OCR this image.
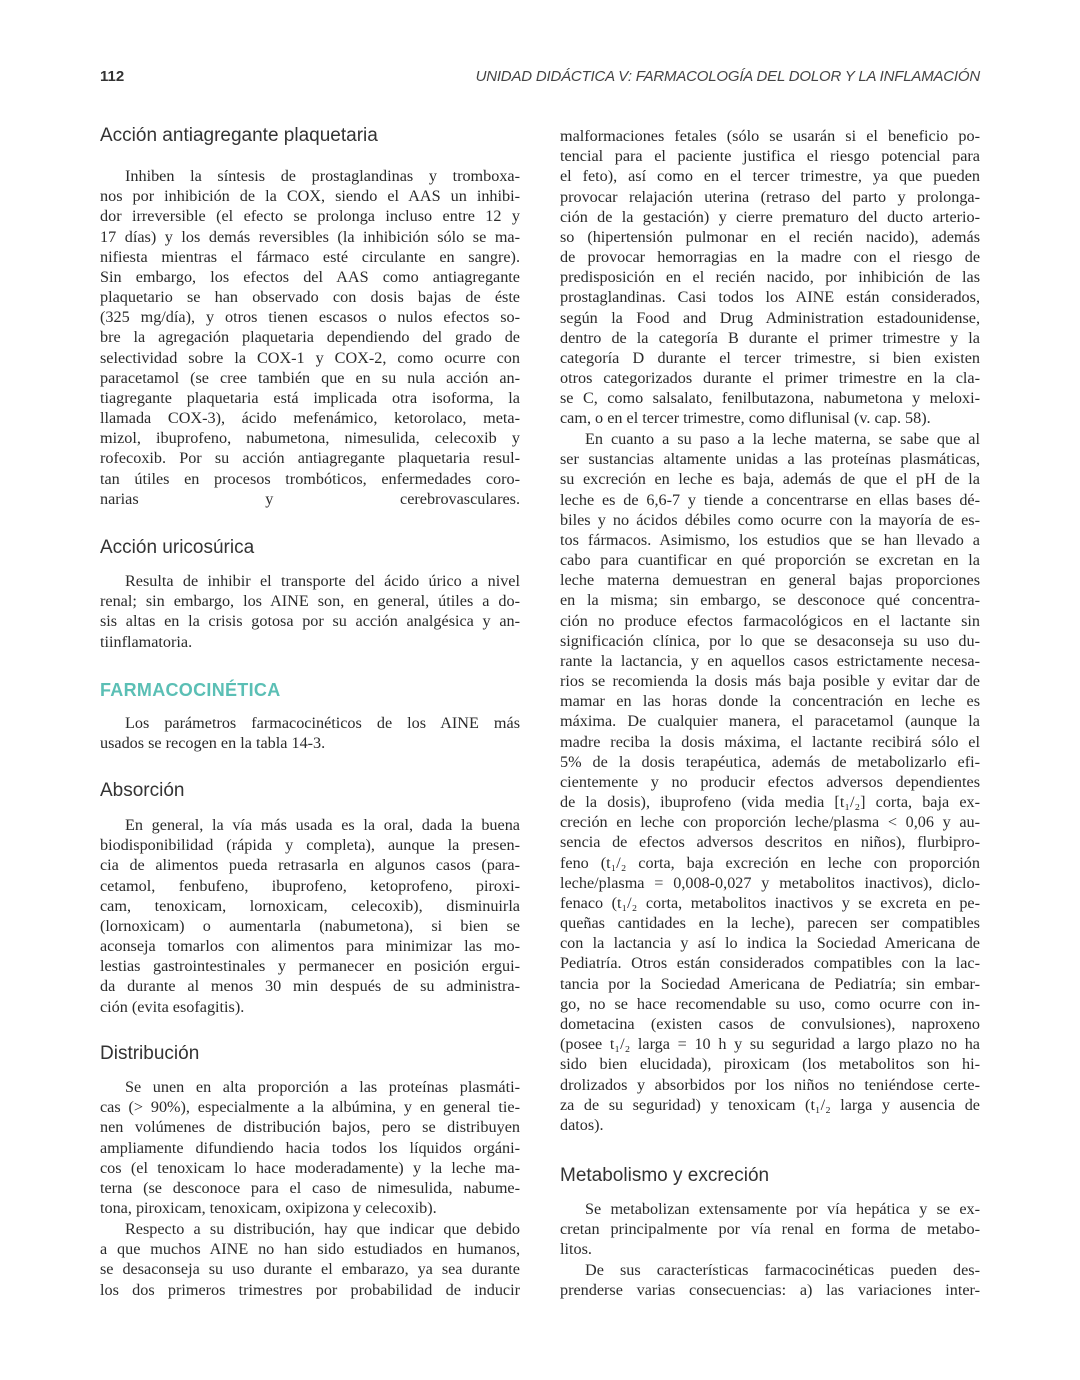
112	UNIDAD DIDÁCTICA V: FARMACOLOGÍA DEL DOLOR Y LA INFLAMACIÓN
Acción antiagregante plaquetaria
Inhiben la síntesis de prostaglandinas y tromboxa-
nos por inhibición de la COX, siendo el AAS un inhibi-
dor irreversible (el efecto se prolonga incluso entre 12 y
17 días) y los demás reversibles (la inhibición sólo se ma-
nifiesta mientras el fármaco esté circulante en sangre).
Sin embargo, los efectos del AAS como antiagregante
plaquetario se han observado con dosis bajas de éste
(325 mg/día), y otros tienen escasos o nulos efectos so-
bre la agregación plaquetaria dependiendo del grado de
selectividad sobre la COX-1 y COX-2, como ocurre con
paracetamol (se cree también que en su nula acción an-
tiagregante plaquetaria está implicada otra isoforma, la
llamada COX-3), ácido mefenámico, ketorolaco, meta-
mizol, ibuprofeno, nabumetona, nimesulida, celecoxib y
rofecoxib. Por su acción antiagregante plaquetaria resul-
tan útiles en procesos trombóticos, enfermedades coro-
narias y cerebrovasculares.
Acción uricosúrica
Resulta de inhibir el transporte del ácido úrico a nivel
renal; sin embargo, los AINE son, en general, útiles a do-
sis altas en la crisis gotosa por su acción analgésica y an-
tiinflamatoria.
FARMACOCINÉTICA
Los parámetros farmacocinéticos de los AINE más
usados se recogen en la tabla 14-3.
Absorción
En general, la vía más usada es la oral, dada la buena
biodisponibilidad (rápida y completa), aunque la presen-
cia de alimentos pueda retrasarla en algunos casos (para-
cetamol, fenbufeno, ibuprofeno, ketoprofeno, piroxi-
cam, tenoxicam, lornoxicam, celecoxib), disminuirla
(lornoxicam) o aumentarla (nabumetona), si bien se
aconseja tomarlos con alimentos para minimizar las mo-
lestias gastrointestinales y permanecer en posición ergui-
da durante al menos 30 min después de su administra-
ción (evita esofagitis).
Distribución
Se unen en alta proporción a las proteínas plasmáti-
cas (> 90%), especialmente a la albúmina, y en general tie-
nen volúmenes de distribución bajos, pero se distribuyen
ampliamente difundiendo hacia todos los líquidos orgáni-
cos (el tenoxicam lo hace moderadamente) y la leche ma-
terna (se desconoce para el caso de nimesulida, nabume-
tona, piroxicam, tenoxicam, oxipizona y celecoxib).
Respecto a su distribución, hay que indicar que debido
a que muchos AINE no han sido estudiados en humanos,
se desaconseja su uso durante el embarazo, ya sea durante
los dos primeros trimestres por probabilidad de inducir
malformaciones fetales (sólo se usarán si el beneficio po-
tencial para el paciente justifica el riesgo potencial para
el feto), así como en el tercer trimestre, ya que pueden
provocar relajación uterina (retraso del parto y prolonga-
ción de la gestación) y cierre prematuro del ducto arterio-
so (hipertensión pulmonar en el recién nacido), además
de provocar hemorragias en la madre con el riesgo de
predisposición en el recién nacido, por inhibición de las
prostaglandinas. Casi todos los AINE están considerados,
según la Food and Drug Administration estadounidense,
dentro de la categoría B durante el primer trimestre y la
categoría D durante el tercer trimestre, si bien existen
otros categorizados durante el primer trimestre en la cla-
se C, como salsalato, fenilbutazona, nabumetona y meloxi-
cam, o en el tercer trimestre, como diflunisal (v. cap. 58).
En cuanto a su paso a la leche materna, se sabe que al
ser sustancias altamente unidas a las proteínas plasmáticas,
su excreción en leche es baja, además de que el pH de la
leche es de 6,6-7 y tiende a concentrarse en ellas bases dé-
biles y no ácidos débiles como ocurre con la mayoría de es-
tos fármacos. Asimismo, los estudios que se han llevado a
cabo para cuantificar en qué proporción se excretan en la
leche materna demuestran en general bajas proporciones
en la misma; sin embargo, se desconoce qué concentra-
ción no produce efectos farmacológicos en el lactante sin
significación clínica, por lo que se desaconseja su uso du-
rante la lactancia, y en aquellos casos estrictamente necesa-
rios se recomienda la dosis más baja posible y evitar dar de
mamar en las horas donde la concentración en leche es
máxima. De cualquier manera, el paracetamol (aunque la
madre reciba la dosis máxima, el lactante recibirá sólo el
5% de la dosis terapéutica, además de metabolizarlo efi-
cientemente y no producir efectos adversos dependientes
de la dosis), ibuprofeno (vida media [t₁/₂] corta, baja ex-
creción en leche con proporción leche/plasma < 0,06 y au-
sencia de efectos adversos descritos en niños), flurbipro-
feno (t₁/₂ corta, baja excreción en leche con proporción
leche/plasma = 0,008-0,027 y metabolitos inactivos), diclo-
fenaco (t₁/₂ corta, metabolitos inactivos y se excreta en pe-
queñas cantidades en la leche), parecen ser compatibles
con la lactancia y así lo indica la Sociedad Americana de
Pediatría. Otros están considerados compatibles con la lac-
tancia por la Sociedad Americana de Pediatría; sin embar-
go, no se hace recomendable su uso, como ocurre con in-
dometacina (existen casos de convulsiones), naproxeno
(posee t₁/₂ larga = 10 h y su seguridad a largo plazo no ha
sido bien elucidada), piroxicam (los metabolitos son hi-
drolizados y absorbidos por los niños no teniéndose certe-
za de su seguridad) y tenoxicam (t₁/₂ larga y ausencia de
datos).
Metabolismo y excreción
Se metabolizan extensamente por vía hepática y se ex-
cretan principalmente por vía renal en forma de metabo-
litos.
De sus características farmacocinéticas pueden des-
prenderse varias consecuencias: a) las variaciones inter-
